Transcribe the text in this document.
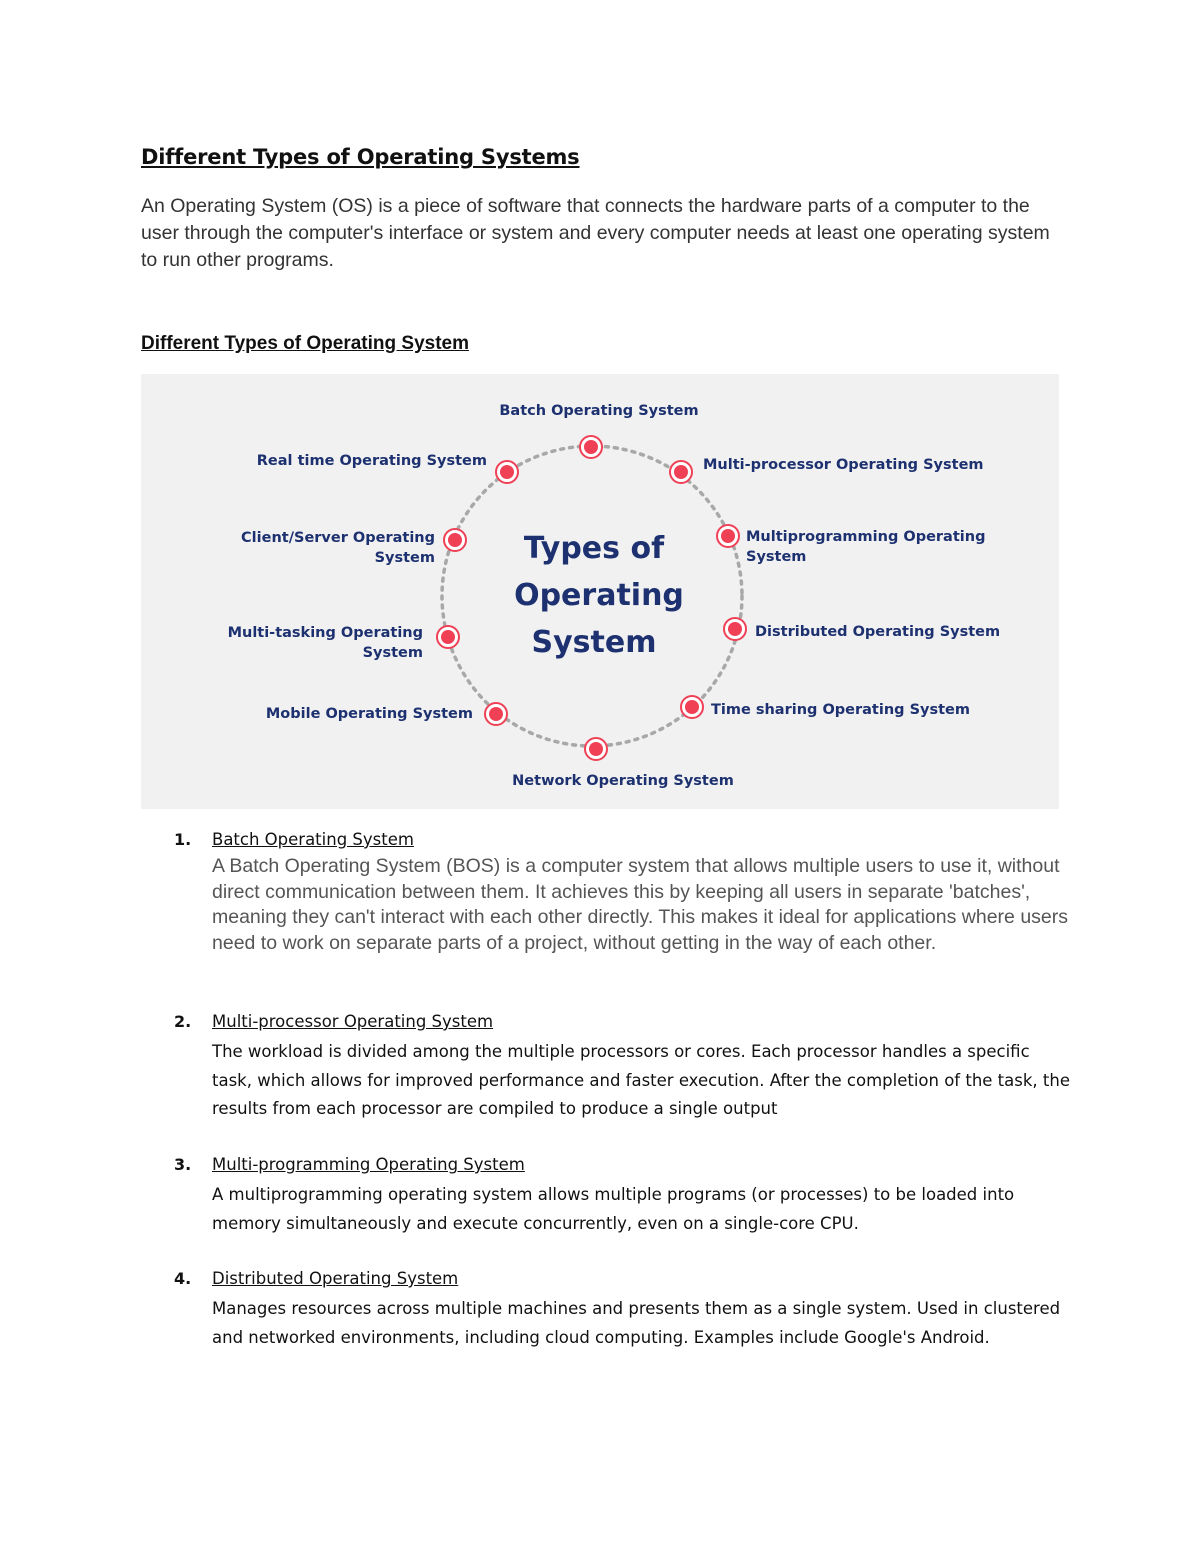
Different Types of Operating Systems

An Operating System (OS) is a piece of software that connects the hardware parts of a computer to the user through the computer's interface or system and every computer needs at least one operating system to run other programs.

Different Types of Operating System
Types of
Operating
System
Batch Operating System
Multi-processor Operating System
Multiprogramming Operating
System
Distributed Operating System
Time sharing Operating System
Network Operating System
Mobile Operating System
Multi-tasking Operating
System
Client/Server Operating
System
Real time Operating System
1. Batch Operating System

A Batch Operating System (BOS) is a computer system that allows multiple users to use it, without direct communication between them. It achieves this by keeping all users in separate 'batches', meaning they can't interact with each other directly. This makes it ideal for applications where users need to work on separate parts of a project, without getting in the way of each other.

2. Multi-processor Operating System

The workload is divided among the multiple processors or cores. Each processor handles a specific task, which allows for improved performance and faster execution. After the completion of the task, the results from each processor are compiled to produce a single output

3. Multi-programming Operating System

A multiprogramming operating system allows multiple programs (or processes) to be loaded into memory simultaneously and execute concurrently, even on a single-core CPU.

4. Distributed Operating System

Manages resources across multiple machines and presents them as a single system. Used in clustered and networked environments, including cloud computing. Examples include Google's Android.
